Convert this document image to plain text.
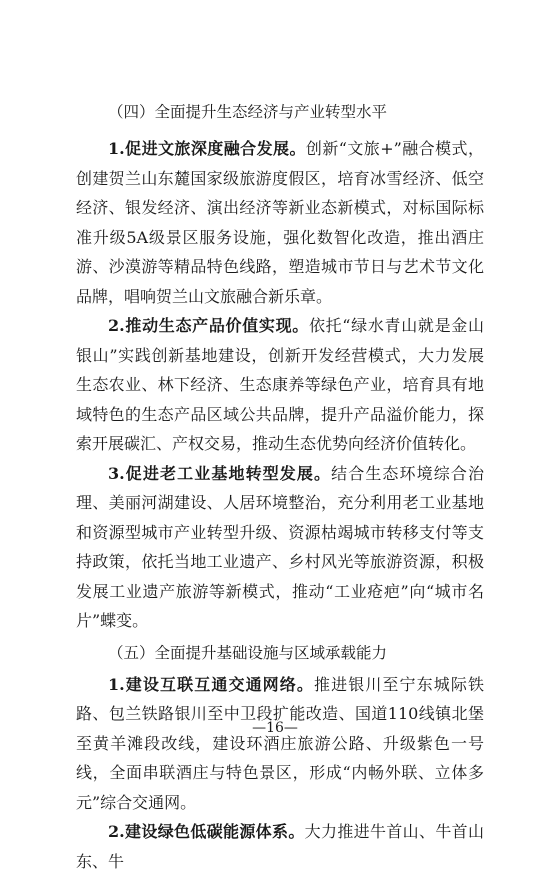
（四）全面提升生态经济与产业转型水平

1.促进文旅深度融合发展。创新“文旅+”融合模式，创建贺兰山东麓国家级旅游度假区，培育冰雪经济、低空经济、银发经济、演出经济等新业态新模式，对标国际标准升级5A级景区服务设施，强化数智化改造，推出酒庄游、沙漠游等精品特色线路，塑造城市节日与艺术节文化品牌，唱响贺兰山文旅融合新乐章。

2.推动生态产品价值实现。依托“绿水青山就是金山银山”实践创新基地建设，创新开发经营模式，大力发展生态农业、林下经济、生态康养等绿色产业，培育具有地域特色的生态产品区域公共品牌，提升产品溢价能力，探索开展碳汇、产权交易，推动生态优势向经济价值转化。

3.促进老工业基地转型发展。结合生态环境综合治理、美丽河湖建设、人居环境整治，充分利用老工业基地和资源型城市产业转型升级、资源枯竭城市转移支付等支持政策，依托当地工业遗产、乡村风光等旅游资源，积极发展工业遗产旅游等新模式，推动“工业疮疤”向“城市名片”蝶变。

（五）全面提升基础设施与区域承载能力

1.建设互联互通交通网络。推进银川至宁东城际铁路、包兰铁路银川至中卫段扩能改造、国道110线镇北堡至黄羊滩段改线，建设环酒庄旅游公路、升级紫色一号线，全面串联酒庄与特色景区，形成“内畅外联、立体多元”综合交通网。

2.建设绿色低碳能源体系。大力推进牛首山、牛首山东、牛

—16—
